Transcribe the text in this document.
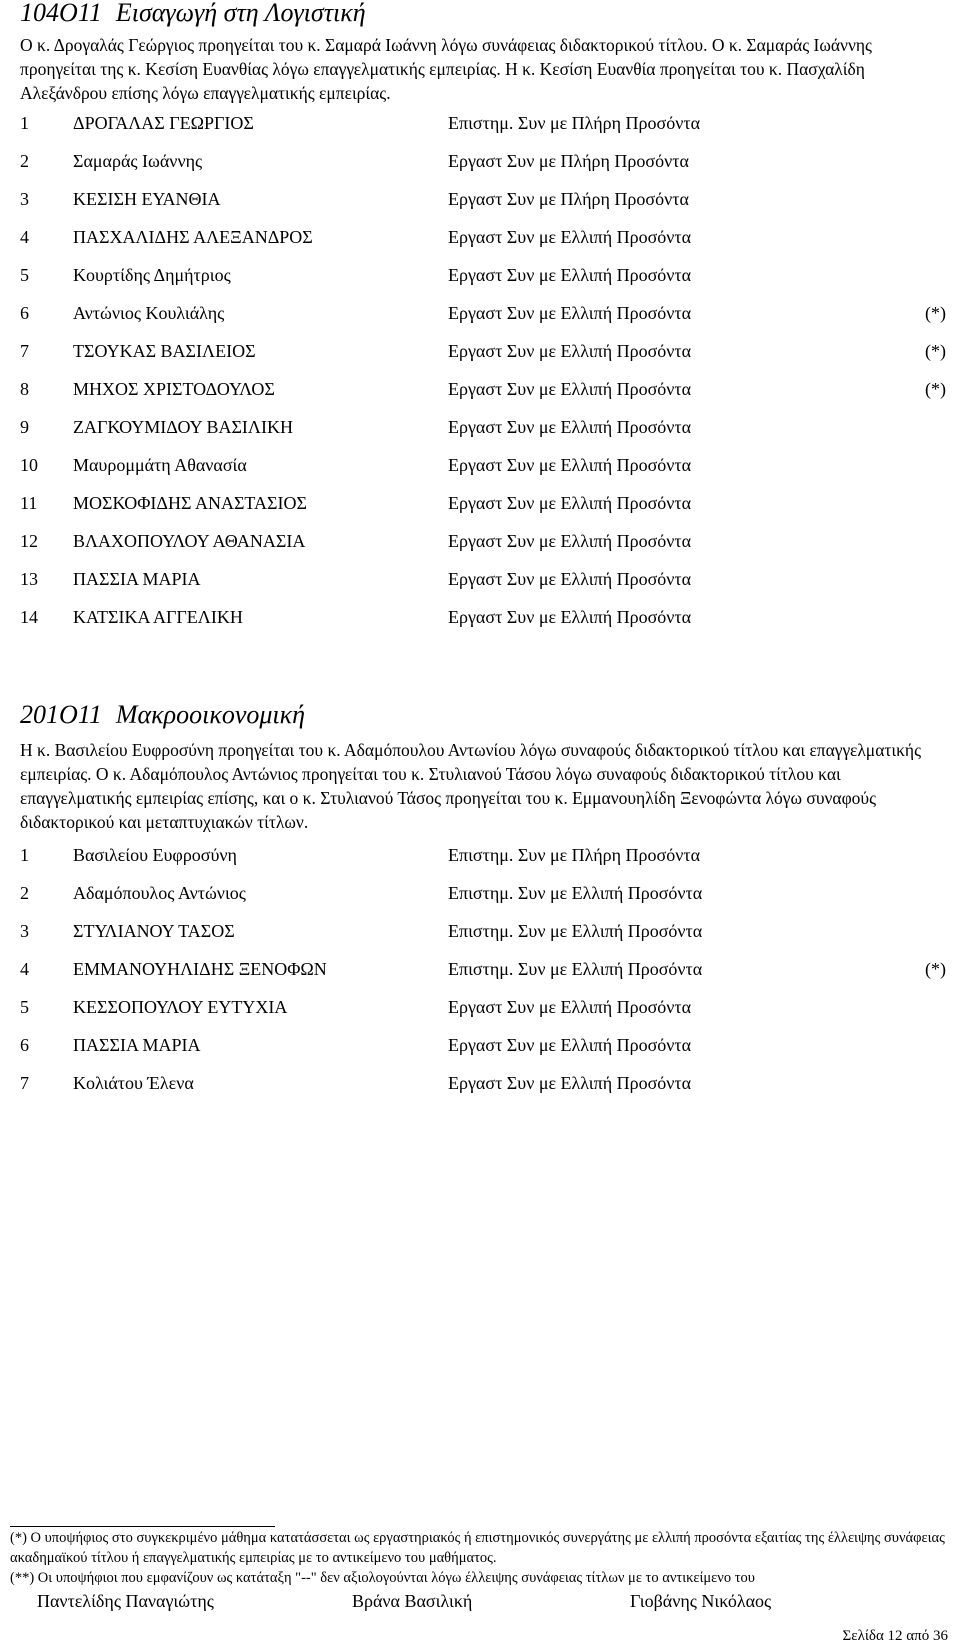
104Ο11 Εισαγωγή στη Λογιστική
Ο κ. Δρογαλάς Γεώργιος προηγείται του κ. Σαμαρά Ιωάννη λόγω συνάφειας διδακτορικού τίτλου. Ο κ. Σαμαράς Ιωάννης προηγείται της κ. Κεσίση Ευανθίας λόγω επαγγελματικής εμπειρίας. Η κ. Κεσίση Ευανθία προηγείται του κ. Πασχαλίδη Αλεξάνδρου επίσης λόγω επαγγελματικής εμπειρίας.
1 ΔΡΟΓΑΛΑΣ ΓΕΩΡΓΙΟΣ	Επιστημ. Συν με Πλήρη Προσόντα
2 Σαμαράς Ιωάννης	Εργαστ Συν με Πλήρη Προσόντα
3 ΚΕΣΙΣΗ ΕΥΑΝΘΙΑ	Εργαστ Συν με Πλήρη Προσόντα
4 ΠΑΣΧΑΛΙΔΗΣ ΑΛΕΞΑΝΔΡΟΣ	Εργαστ Συν με Ελλιπή Προσόντα
5 Κουρτίδης Δημήτριος	Εργαστ Συν με Ελλιπή Προσόντα
6 Αντώνιος Κουλιάλης	Εργαστ Συν με Ελλιπή Προσόντα	(*)
7 ΤΣΟΥΚΑΣ ΒΑΣΙΛΕΙΟΣ	Εργαστ Συν με Ελλιπή Προσόντα	(*)
8 ΜΗΧΟΣ ΧΡΙΣΤΟΔΟΥΛΟΣ	Εργαστ Συν με Ελλιπή Προσόντα	(*)
9 ΖΑΓΚΟΥΜΙΔΟΥ ΒΑΣΙΛΙΚΗ	Εργαστ Συν με Ελλιπή Προσόντα
10 Μαυρομμάτη Αθανασία	Εργαστ Συν με Ελλιπή Προσόντα
11 ΜΟΣΚΟΦΙΔΗΣ ΑΝΑΣΤΑΣΙΟΣ	Εργαστ Συν με Ελλιπή Προσόντα
12 ΒΛΑΧΟΠΟΥΛΟΥ ΑΘΑΝΑΣΙΑ	Εργαστ Συν με Ελλιπή Προσόντα
13 ΠΑΣΣΙΑ ΜΑΡΙΑ	Εργαστ Συν με Ελλιπή Προσόντα
14 ΚΑΤΣΙΚΑ ΑΓΓΕΛΙΚΗ	Εργαστ Συν με Ελλιπή Προσόντα
201Ο11 Μακροοικονομική
Η κ. Βασιλείου Ευφροσύνη προηγείται του κ. Αδαμόπουλου Αντωνίου λόγω συναφούς διδακτορικού τίτλου και επαγγελματικής εμπειρίας. Ο κ. Αδαμόπουλος Αντώνιος προηγείται του κ. Στυλιανού Τάσου λόγω συναφούς διδακτορικού τίτλου και επαγγελματικής εμπειρίας επίσης, και ο κ. Στυλιανού Τάσος προηγείται του κ. Εμμανουηλίδη Ξενοφώντα λόγω συναφούς διδακτορικού και μεταπτυχιακών τίτλων.
1 Βασιλείου Ευφροσύνη	Επιστημ. Συν με Πλήρη Προσόντα
2 Αδαμόπουλος Αντώνιος	Επιστημ. Συν με Ελλιπή Προσόντα
3 ΣΤΥΛΙΑΝΟΥ ΤΑΣΟΣ	Επιστημ. Συν με Ελλιπή Προσόντα
4 ΕΜΜΑΝΟΥΗΛΙΔΗΣ ΞΕΝΟΦΩΝ	Επιστημ. Συν με Ελλιπή Προσόντα	(*)
5 ΚΕΣΣΟΠΟΥΛΟΥ ΕΥΤΥΧΙΑ	Εργαστ Συν με Ελλιπή Προσόντα
6 ΠΑΣΣΙΑ ΜΑΡΙΑ	Εργαστ Συν με Ελλιπή Προσόντα
7 Κολιάτου Έλενα	Εργαστ Συν με Ελλιπή Προσόντα

(*) Ο υποψήφιος στο συγκεκριμένο μάθημα κατατάσσεται ως εργαστηριακός ή επιστημονικός συνεργάτης με ελλιπή προσόντα εξαιτίας της έλλειψης συνάφειας ακαδημαϊκού τίτλου ή επαγγελματικής εμπειρίας με το αντικείμενο του μαθήματος.

(**) Οι υποψήφιοι που εμφανίζουν ως κατάταξη "--" δεν αξιολογούνται λόγω έλλειψης συνάφειας τίτλων με το αντικείμενο του

Παντελίδης Παναγιώτης	Βράνα Βασιλική	Γιοβάνης Νικόλαος
Σελίδα 12 από 36
